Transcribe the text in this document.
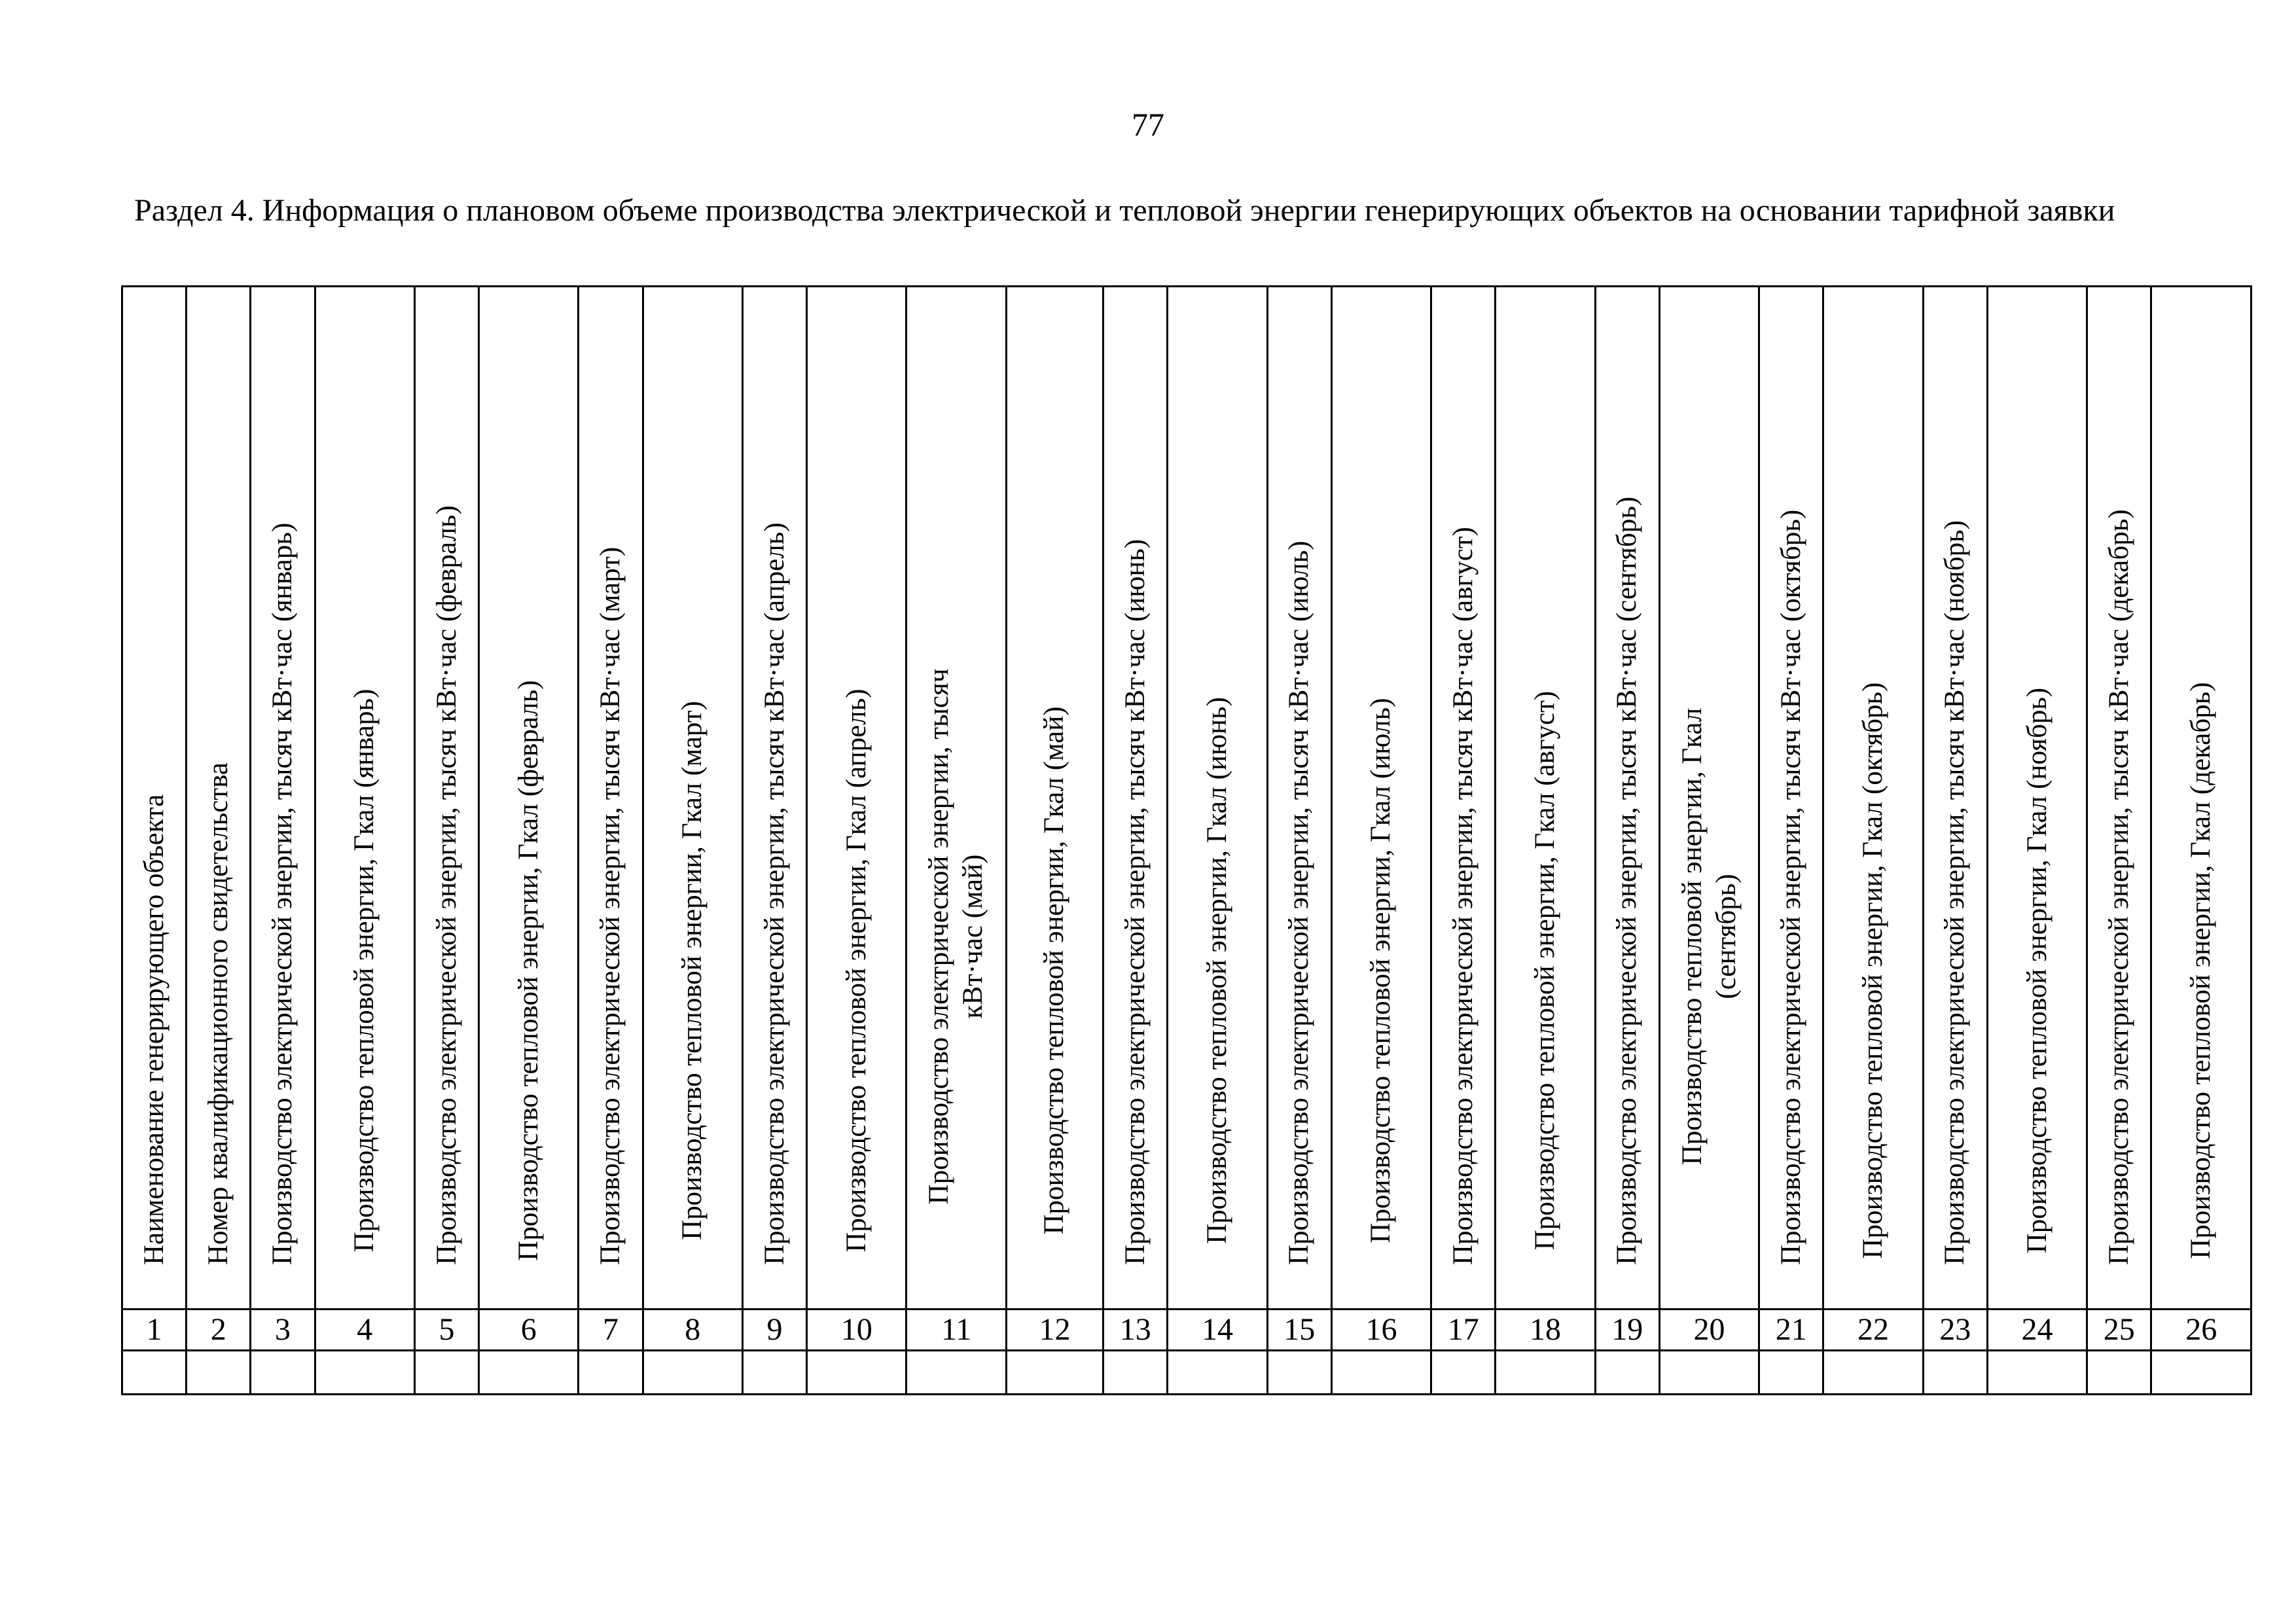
77
Раздел 4. Информация о плановом объеме производства электрической и тепловой энергии генерирующих объектов на основании тарифной заявки
Наименование генерирующего объекта	Номер квалификационного свидетельства	Производство электрической энергии, тысяч кВт·час (январь)	Производство тепловой энергии, Гкал (январь)	Производство электрической энергии, тысяч кВт·час (февраль)	Производство тепловой энергии, Гкал (февраль)	Производство электрической энергии, тысяч кВт·час (март)	Производство тепловой энергии, Гкал (март)	Производство электрической энергии, тысяч кВт·час (апрель)	Производство тепловой энергии, Гкал (апрель)	Производство электрической энергии, тысяч кВт·час (май)	Производство тепловой энергии, Гкал (май)	Производство электрической энергии, тысяч кВт·час (июнь)	Производство тепловой энергии, Гкал (июнь)	Производство электрической энергии, тысяч кВт·час (июль)	Производство тепловой энергии, Гкал (июль)	Производство электрической энергии, тысяч кВт·час (август)	Производство тепловой энергии, Гкал (август)	Производство электрической энергии, тысяч кВт·час (сентябрь)	Производство тепловой энергии, Гкал (сентябрь)	Производство электрической энергии, тысяч кВт·час (октябрь)	Производство тепловой энергии, Гкал (октябрь)	Производство электрической энергии, тысяч кВт·час (ноябрь)	Производство тепловой энергии, Гкал (ноябрь)	Производство электрической энергии, тысяч кВт·час (декабрь)	Производство тепловой энергии, Гкал (декабрь)

1	2	3	4	5	6	7	8	9	10	11	12	13	14	15	16	17	18	19	20	21	22	23	24	25	26
